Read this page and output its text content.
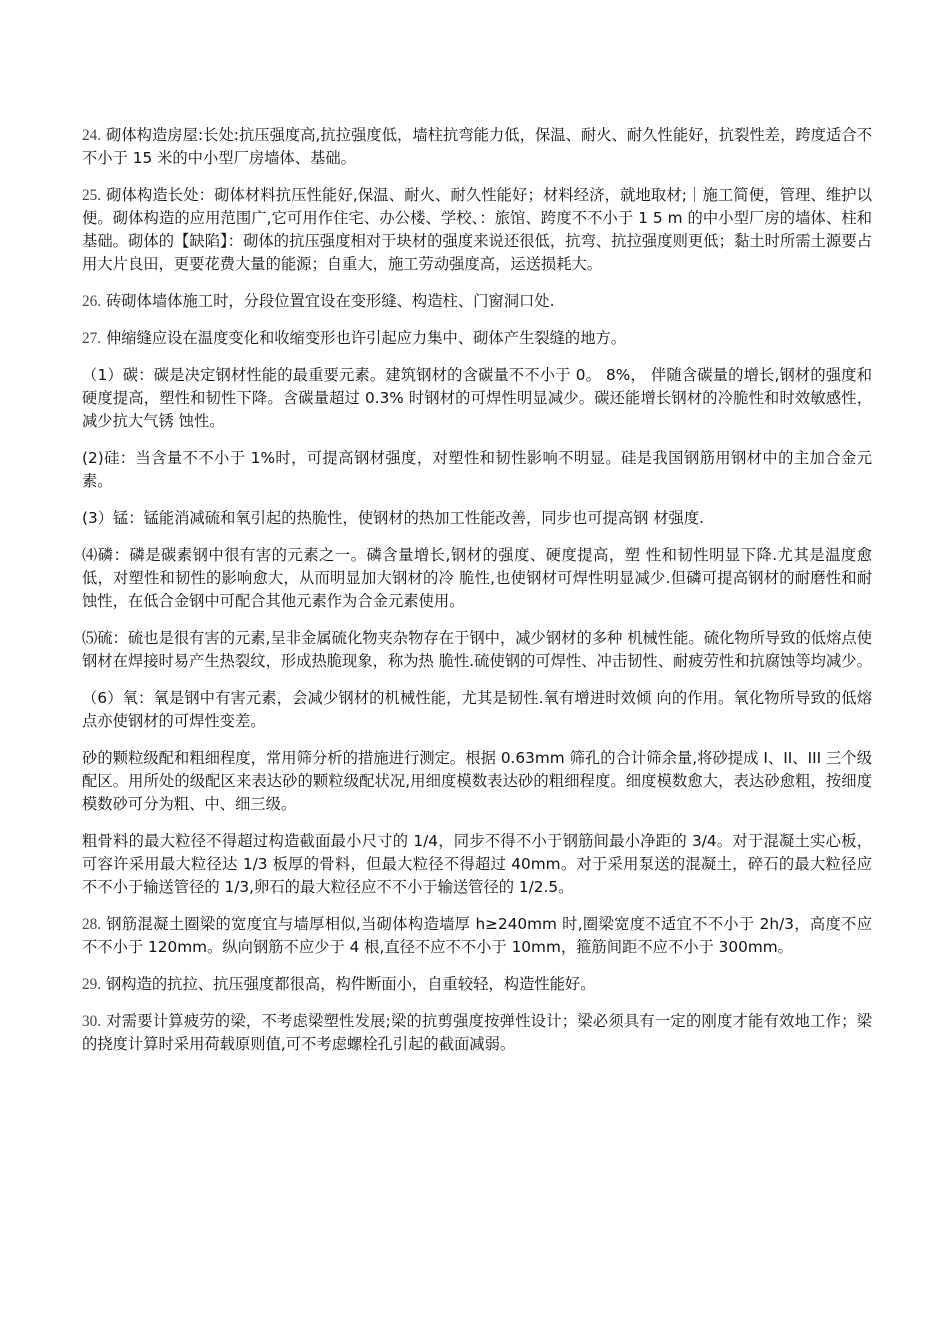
24. 砌体构造房屋:长处:抗压强度高,抗拉强度低，墙柱抗弯能力低，保温、耐火、耐久性能好，抗裂性差，跨度适合不不小于 15 米的中小型厂房墙体、基础。

25. 砌体构造长处：砌体材料抗压性能好,保温、耐火、耐久性能好；材料经济，就地取材;｜施工简便，管理、维护以便。砌体构造的应用范围广,它可用作住宅、办公楼、学校、：旅馆、跨度不不小于 1 5 m 的中小型厂房的墙体、柱和基础。砌体的【缺陷】：砌体的抗压强度相对于块材的强度来说还很低，抗弯、抗拉强度则更低；黏土时所需土源要占用大片良田，更要花费大量的能源；自重大，施工劳动强度高，运送损耗大。

26. 砖砌体墙体施工时，分段位置宜设在变形缝、构造柱、门窗洞口处.

27. 伸缩缝应设在温度变化和收缩变形也许引起应力集中、砌体产生裂缝的地方。

（1）碳：碳是决定钢材性能的最重要元素。建筑钢材的含碳量不不小于 0。 8%， 伴随含碳量的增长,钢材的强度和硬度提高，塑性和韧性下降。含碳量超过 0.3% 时钢材的可焊性明显减少。碳还能增长钢材的冷脆性和时效敏感性，减少抗大气锈 蚀性。

(2)硅：当含量不不小于 1%时，可提高钢材强度，对塑性和韧性影响不明显。硅是我国钢筋用钢材中的主加合金元素。

(3）锰：锰能消减硫和氧引起的热脆性，使钢材的热加工性能改善，同步也可提高钢 材强度.

⑷磷：磷是碳素钢中很有害的元素之一。磷含量增长,钢材的强度、硬度提高，塑 性和韧性明显下降.尤其是温度愈低，对塑性和韧性的影响愈大，从而明显加大钢材的冷 脆性,也使钢材可焊性明显减少.但磷可提高钢材的耐磨性和耐蚀性，在低合金钢中可配合其他元素作为合金元素使用。

⑸硫：硫也是很有害的元素,呈非金属硫化物夹杂物存在于钢中，减少钢材的多种 机械性能。硫化物所导致的低熔点使钢材在焊接时易产生热裂纹，形成热脆现象，称为热 脆性.硫使钢的可焊性、冲击韧性、耐疲劳性和抗腐蚀等均减少。

（6）氧：氧是钢中有害元素，会减少钢材的机械性能，尤其是韧性.氧有增进时效倾 向的作用。氧化物所导致的低熔点亦使钢材的可焊性变差。

砂的颗粒级配和粗细程度，常用筛分析的措施进行测定。根据 0.63mm 筛孔的合计筛余量,将砂提成 I、II、III 三个级配区。用所处的级配区来表达砂的颗粒级配状况,用细度模数表达砂的粗细程度。细度模数愈大，表达砂愈粗，按细度模数砂可分为粗、中、细三级。

粗骨料的最大粒径不得超过构造截面最小尺寸的 1/4，同步不得不小于钢筋间最小净距的 3/4。对于混凝土实心板，可容许采用最大粒径达 1/3 板厚的骨料，但最大粒径不得超过 40mm。对于采用泵送的混凝土，碎石的最大粒径应不不小于输送管径的 1/3,卵石的最大粒径应不不小于输送管径的 1/2.5。

28. 钢筋混凝土圈梁的宽度宜与墙厚相似,当砌体构造墙厚 h≥240mm 时,圈梁宽度不适宜不不小于 2h/3，高度不应不不小于 120mm。纵向钢筋不应少于 4 根,直径不应不不小于 10mm，箍筋间距不应不小于 300mm。

29. 钢构造的抗拉、抗压强度都很高，构件断面小，自重较轻，构造性能好。

30. 对需要计算疲劳的梁，不考虑梁塑性发展;梁的抗剪强度按弹性设计；梁必须具有一定的刚度才能有效地工作；梁的挠度计算时采用荷载原则值,可不考虑螺栓孔引起的截面减弱。
